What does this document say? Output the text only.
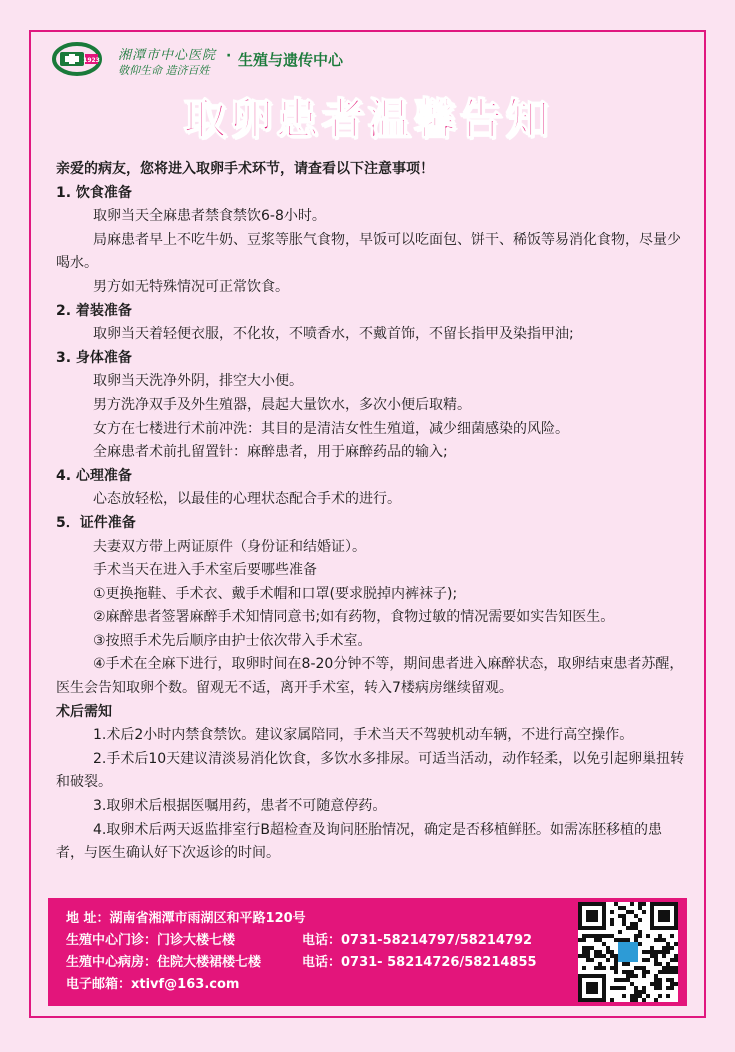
1923 湘潭市中心医院
敬仰生命 造济百姓
· 生殖与遗传中心
取卵患者温馨告知
亲爱的病友，您将进入取卵手术环节，请查看以下注意事项！
1. 饮食准备
取卵当天全麻患者禁食禁饮6-8小时。
局麻患者早上不吃牛奶、豆浆等胀气食物，早饭可以吃面包、饼干、稀饭等易消化食物，尽量少喝水。
男方如无特殊情况可正常饮食。
2. 着装准备
取卵当天着轻便衣服，不化妆，不喷香水，不戴首饰，不留长指甲及染指甲油;
3. 身体准备
取卵当天洗净外阴，排空大小便。
男方洗净双手及外生殖器，晨起大量饮水，多次小便后取精。
女方在七楼进行术前冲洗：其目的是清洁女性生殖道，减少细菌感染的风险。
全麻患者术前扎留置针：麻醉患者，用于麻醉药品的输入;
4. 心理准备
心态放轻松，以最佳的心理状态配合手术的进行。
5．证件准备
夫妻双方带上两证原件（身份证和结婚证）。
手术当天在进入手术室后要哪些准备
①更换拖鞋、手术衣、戴手术帽和口罩(要求脱掉内裤袜子);
②麻醉患者签署麻醉手术知情同意书;如有药物，食物过敏的情况需要如实告知医生。
③按照手术先后顺序由护士依次带入手术室。
④手术在全麻下进行，取卵时间在8-20分钟不等，期间患者进入麻醉状态，取卵结束患者苏醒，医生会告知取卵个数。留观无不适，离开手术室，转入7楼病房继续留观。
术后需知
1.术后2小时内禁食禁饮。建议家属陪同，手术当天不驾驶机动车辆，不进行高空操作。
2.手术后10天建议清淡易消化饮食，多饮水多排尿。可适当活动，动作轻柔，以免引起卵巢扭转和破裂。
3.取卵术后根据医嘱用药，患者不可随意停药。
4.取卵术后两天返监排室行B超检查及询问胚胎情况，确定是否移植鲜胚。如需冻胚移植的患者，与医生确认好下次返诊的时间。
地 址：湖南省湘潭市雨湖区和平路120号
生殖中心门诊：门诊大楼七楼	电话：0731-58214797/58214792
生殖中心病房：住院大楼裙楼七楼	电话：0731- 58214726/58214855
电子邮箱：xtivf@163.com
